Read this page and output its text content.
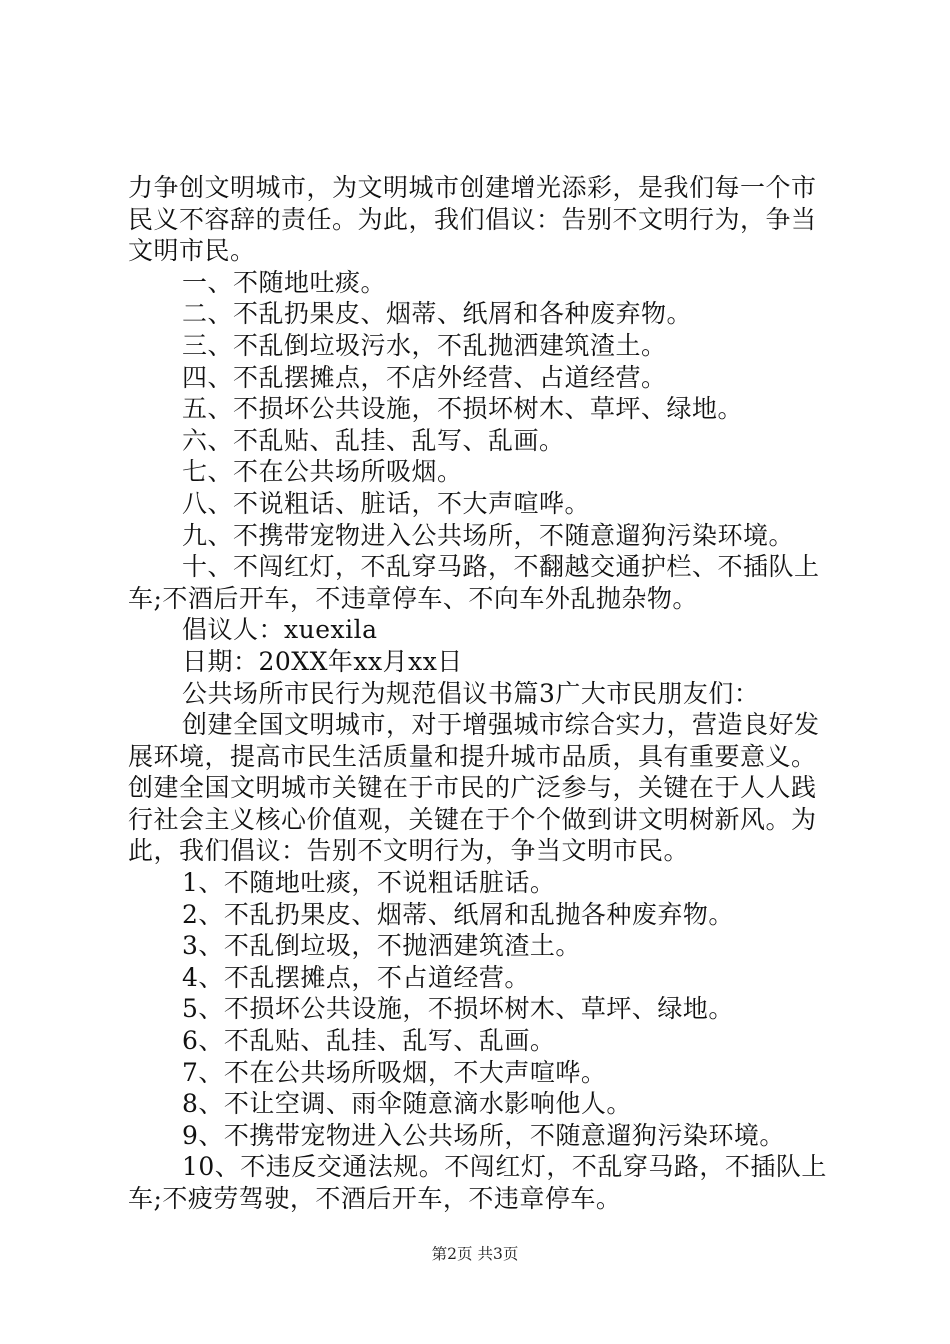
力争创文明城市，为文明城市创建增光添彩，是我们每一个市
民义不容辞的责任。为此，我们倡议：告别不文明行为，争当
文明市民。
一、不随地吐痰。
二、不乱扔果皮、烟蒂、纸屑和各种废弃物。
三、不乱倒垃圾污水，不乱抛洒建筑渣土。
四、不乱摆摊点，不店外经营、占道经营。
五、不损坏公共设施，不损坏树木、草坪、绿地。
六、不乱贴、乱挂、乱写、乱画。
七、不在公共场所吸烟。
八、不说粗话、脏话，不大声喧哗。
九、不携带宠物进入公共场所，不随意遛狗污染环境。
十、不闯红灯，不乱穿马路，不翻越交通护栏、不插队上
车;不酒后开车，不违章停车、不向车外乱抛杂物。
倡议人：xuexila
日期：20XX年xx月xx日
公共场所市民行为规范倡议书篇3广大市民朋友们：
创建全国文明城市，对于增强城市综合实力，营造良好发
展环境，提高市民生活质量和提升城市品质，具有重要意义。
创建全国文明城市关键在于市民的广泛参与，关键在于人人践
行社会主义核心价值观，关键在于个个做到讲文明树新风。为
此，我们倡议：告别不文明行为，争当文明市民。
1、不随地吐痰，不说粗话脏话。
2、不乱扔果皮、烟蒂、纸屑和乱抛各种废弃物。
3、不乱倒垃圾，不抛洒建筑渣土。
4、不乱摆摊点，不占道经营。
5、不损坏公共设施，不损坏树木、草坪、绿地。
6、不乱贴、乱挂、乱写、乱画。
7、不在公共场所吸烟，不大声喧哗。
8、不让空调、雨伞随意滴水影响他人。
9、不携带宠物进入公共场所，不随意遛狗污染环境。
10、不违反交通法规。不闯红灯，不乱穿马路，不插队上
车;不疲劳驾驶，不酒后开车，不违章停车。
第2页 共3页
